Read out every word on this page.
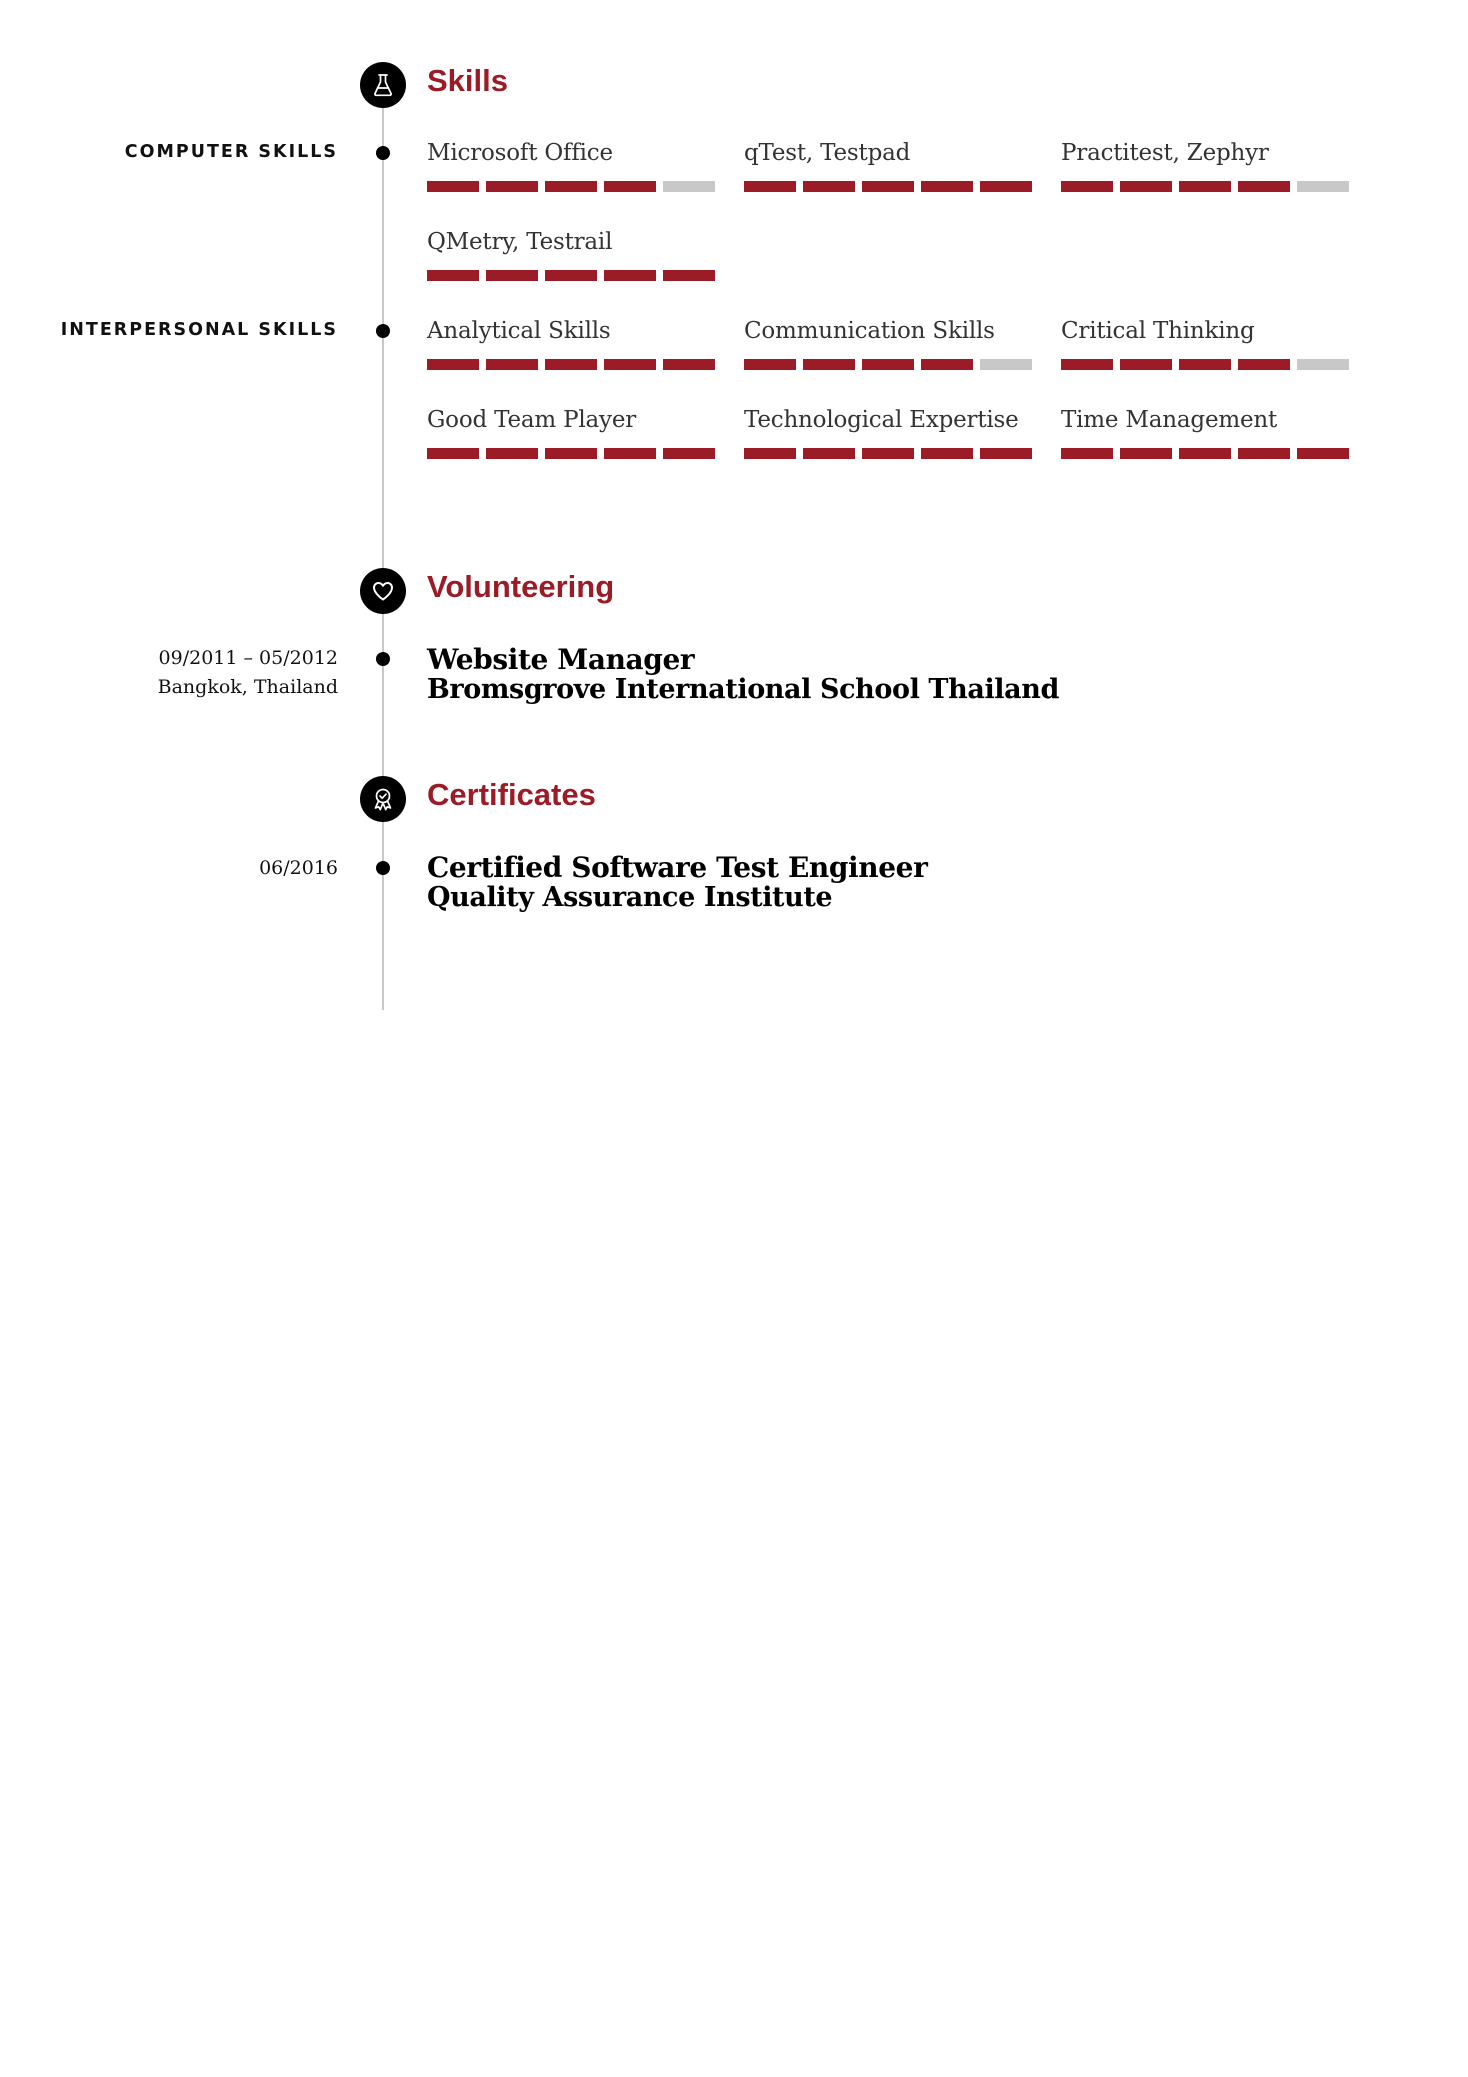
Skills
COMPUTER SKILLS	Microsoft Office	qTest, Testpad	Practitest, Zephyr
QMetry, Testrail
INTERPERSONAL SKILLS	Analytical Skills	Communication Skills	Critical Thinking
Good Team Player	Technological Expertise	Time Management
Volunteering
09/2011 – 05/2012
Bangkok, Thailand
Website Manager
Bromsgrove International School Thailand
Certificates
06/2016	Certified Software Test Engineer
Quality Assurance Institute
